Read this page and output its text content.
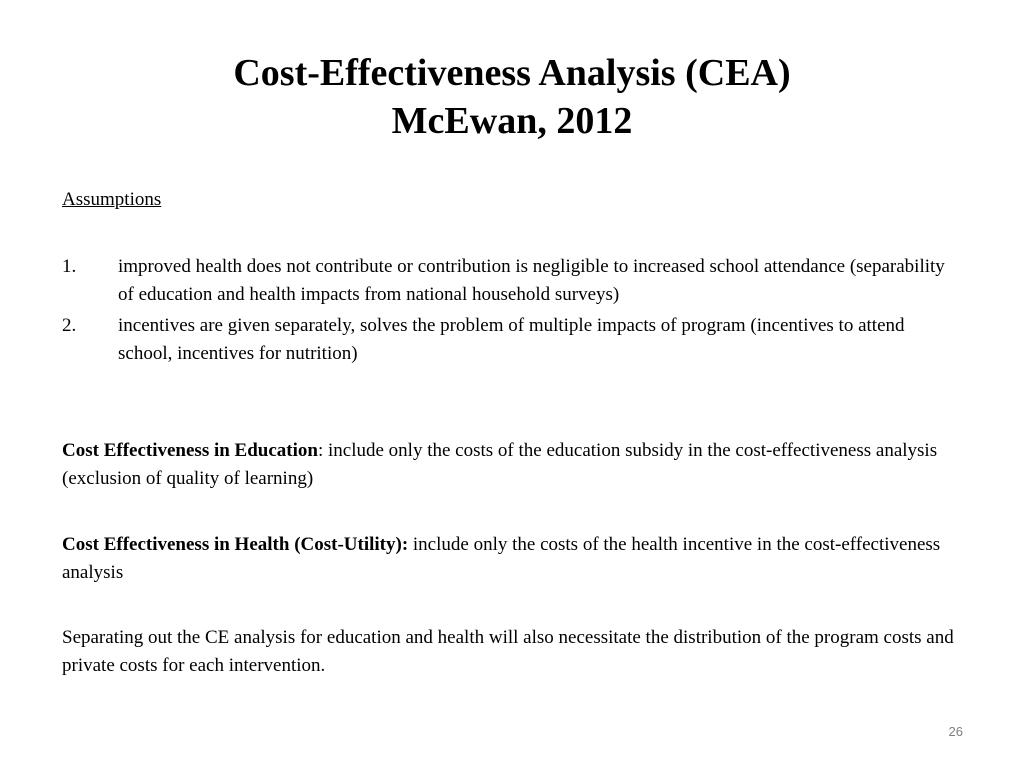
Cost-Effectiveness Analysis (CEA)
McEwan, 2012
Assumptions
1.	improved health does not contribute or contribution is negligible to increased school attendance (separability of education and health impacts from national household surveys)
2.	incentives are given separately, solves the problem of multiple impacts of program (incentives to attend school, incentives for nutrition)
Cost Effectiveness in Education: include only the costs of the education subsidy in the cost-effectiveness analysis (exclusion of quality of learning)
Cost Effectiveness in Health (Cost-Utility): include only the costs of the health incentive in the cost-effectiveness analysis
Separating out the CE analysis for education and health will also necessitate the distribution of the program costs and private costs for each intervention.
26
